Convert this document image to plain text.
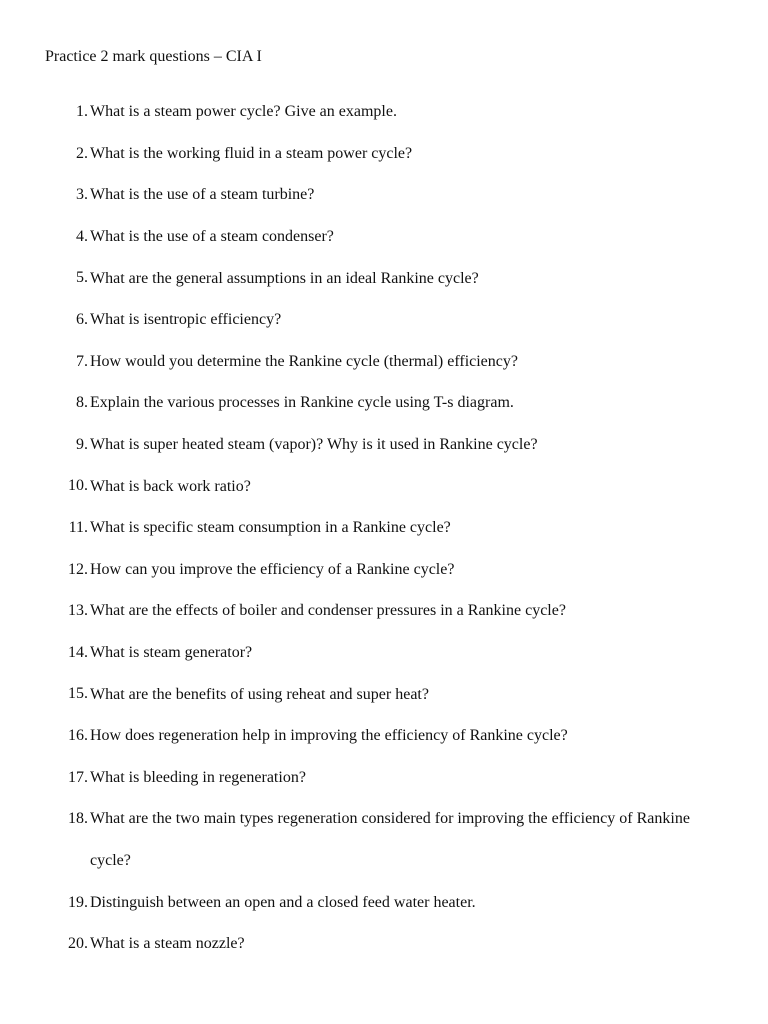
Practice 2 mark questions – CIA I
1. What is a steam power cycle? Give an example.
2. What is the working fluid in a steam power cycle?
3. What is the use of a steam turbine?
4. What is the use of a steam condenser?
5. What are the general assumptions in an ideal Rankine cycle?
6. What is isentropic efficiency?
7. How would you determine the Rankine cycle (thermal) efficiency?
8. Explain the various processes in Rankine cycle using T-s diagram.
9. What is super heated steam (vapor)? Why is it used in Rankine cycle?
10. What is back work ratio?
11. What is specific steam consumption in a Rankine cycle?
12. How can you improve the efficiency of a Rankine cycle?
13. What are the effects of boiler and condenser pressures in a Rankine cycle?
14. What is steam generator?
15. What are the benefits of using reheat and super heat?
16. How does regeneration help in improving the efficiency of Rankine cycle?
17. What is bleeding in regeneration?
18. What are the two main types regeneration considered for improving the efficiency of Rankine cycle?
19. Distinguish between an open and a closed feed water heater.
20. What is a steam nozzle?
